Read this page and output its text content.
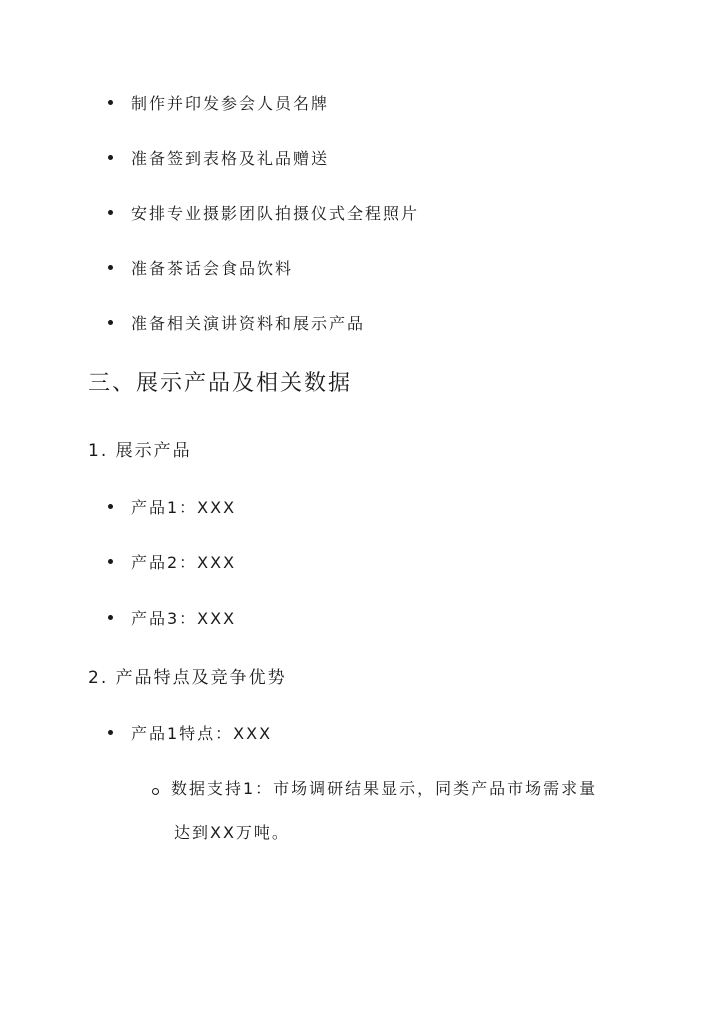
制作并印发参会人员名牌
准备签到表格及礼品赠送
安排专业摄影团队拍摄仪式全程照片
准备茶话会食品饮料
准备相关演讲资料和展示产品
三、展示产品及相关数据
1. 展示产品
产品1：XXX
产品2：XXX
产品3：XXX
2. 产品特点及竞争优势
产品1特点：XXX
数据支持1：市场调研结果显示，同类产品市场需求量
达到XX万吨。
